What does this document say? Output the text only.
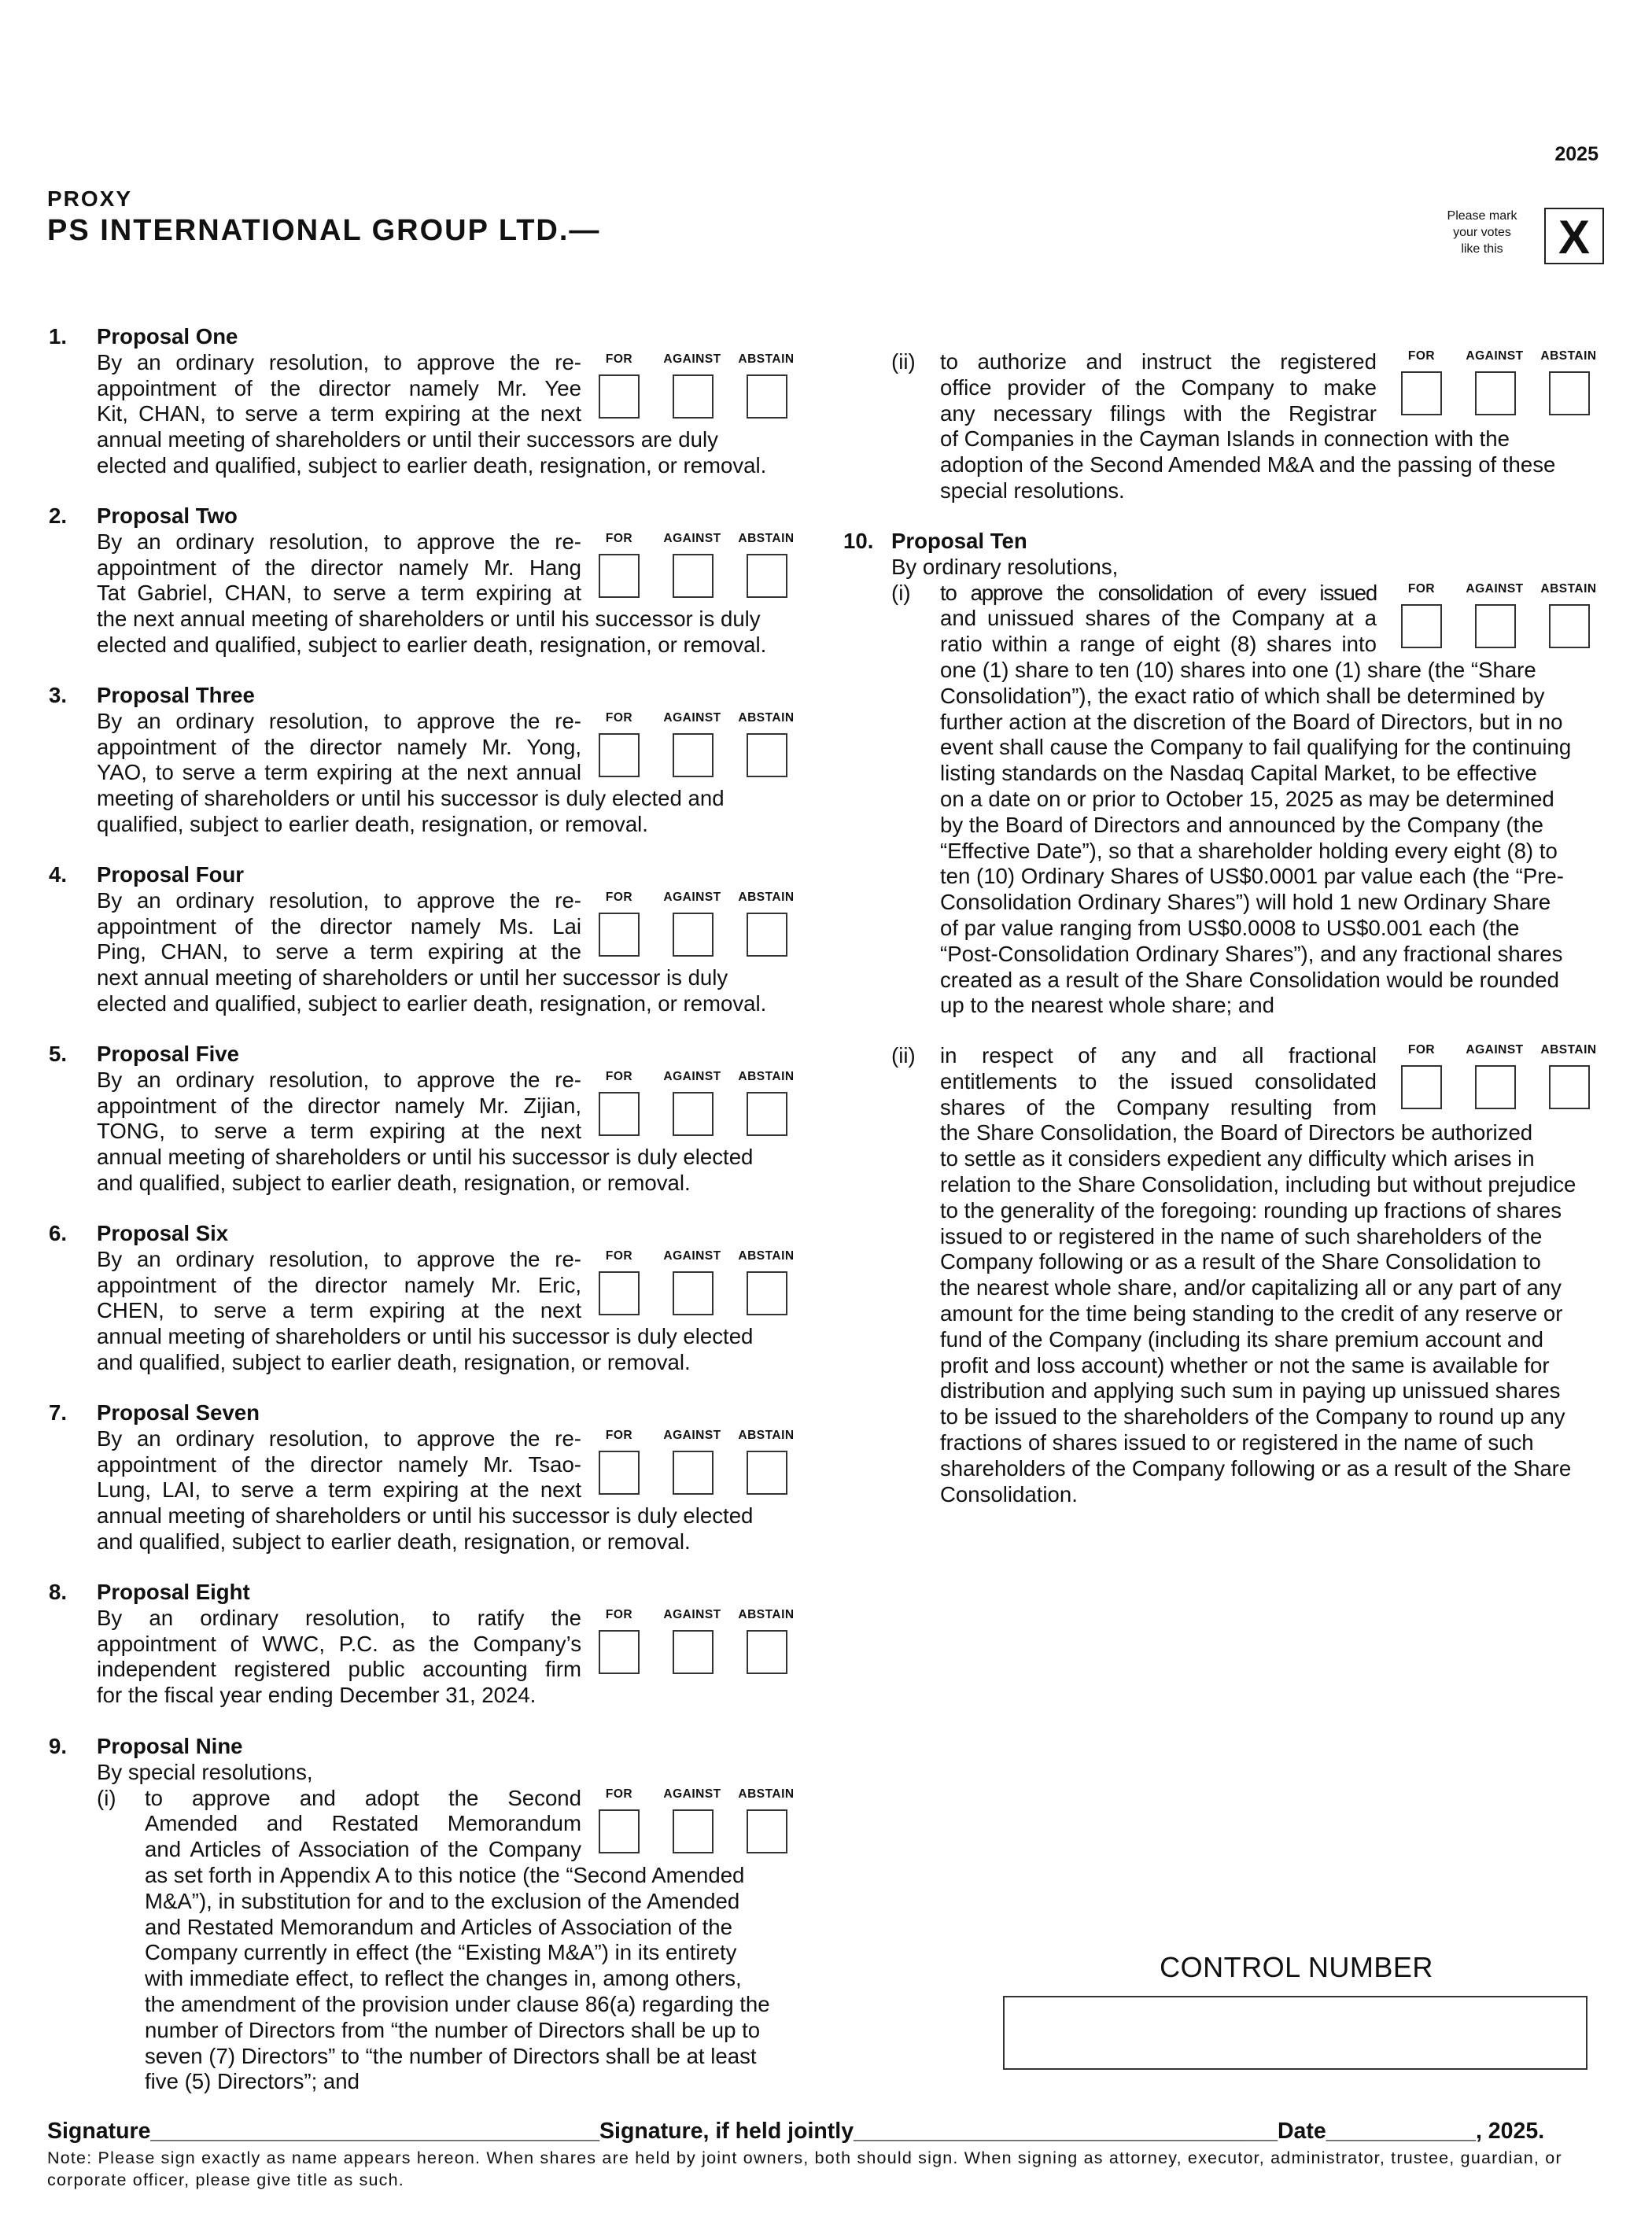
2025
PROXY
PS INTERNATIONAL GROUP LTD.—	Please mark
your votes
like this	X
1. Proposal One
By an ordinary resolution, to approve the re-
appointment of the director namely Mr. Yee
Kit, CHAN, to serve a term expiring at the next
annual meeting of shareholders or until their successors are duly
elected and qualified, subject to earlier death, resignation, or removal.
FOR	AGAINST	ABSTAIN
2. Proposal Two
By an ordinary resolution, to approve the re-
appointment of the director namely Mr. Hang
Tat Gabriel, CHAN, to serve a term expiring at
the next annual meeting of shareholders or until his successor is duly
elected and qualified, subject to earlier death, resignation, or removal.
FOR	AGAINST	ABSTAIN
3. Proposal Three
By an ordinary resolution, to approve the re-
appointment of the director namely Mr. Yong,
YAO, to serve a term expiring at the next annual
meeting of shareholders or until his successor is duly elected and
qualified, subject to earlier death, resignation, or removal.
FOR	AGAINST	ABSTAIN
4. Proposal Four
By an ordinary resolution, to approve the re-
appointment of the director namely Ms. Lai
Ping, CHAN, to serve a term expiring at the
next annual meeting of shareholders or until her successor is duly
elected and qualified, subject to earlier death, resignation, or removal.
FOR	AGAINST	ABSTAIN
5. Proposal Five
By an ordinary resolution, to approve the re-
appointment of the director namely Mr. Zijian,
TONG, to serve a term expiring at the next
annual meeting of shareholders or until his successor is duly elected
and qualified, subject to earlier death, resignation, or removal.
FOR	AGAINST	ABSTAIN
6. Proposal Six
By an ordinary resolution, to approve the re-
appointment of the director namely Mr. Eric,
CHEN, to serve a term expiring at the next
annual meeting of shareholders or until his successor is duly elected
and qualified, subject to earlier death, resignation, or removal.
FOR	AGAINST	ABSTAIN
7. Proposal Seven
By an ordinary resolution, to approve the re-
appointment of the director namely Mr. Tsao-
Lung, LAI, to serve a term expiring at the next
annual meeting of shareholders or until his successor is duly elected
and qualified, subject to earlier death, resignation, or removal.
FOR	AGAINST	ABSTAIN
8. Proposal Eight
By an ordinary resolution, to ratify the
appointment of WWC, P.C. as the Company’s
independent registered public accounting firm
for the fiscal year ending December 31, 2024.
FOR	AGAINST	ABSTAIN
9. Proposal Nine
By special resolutions,
(i) to approve and adopt the Second
Amended and Restated Memorandum
and Articles of Association of the Company
as set forth in Appendix A to this notice (the “Second Amended
M&A”), in substitution for and to the exclusion of the Amended
and Restated Memorandum and Articles of Association of the
Company currently in effect (the “Existing M&A”) in its entirety
with immediate effect, to reflect the changes in, among others,
the amendment of the provision under clause 86(a) regarding the
number of Directors from “the number of Directors shall be up to
seven (7) Directors” to “the number of Directors shall be at least
five (5) Directors”; and
FOR	AGAINST	ABSTAIN
(ii) to authorize and instruct the registered
office provider of the Company to make
any necessary filings with the Registrar
of Companies in the Cayman Islands in connection with the
adoption of the Second Amended M&A and the passing of these
special resolutions.
FOR	AGAINST	ABSTAIN
10. Proposal Ten
By ordinary resolutions,
(i) to approve the consolidation of every issued
and unissued shares of the Company at a
ratio within a range of eight (8) shares into
one (1) share to ten (10) shares into one (1) share (the “Share
Consolidation”), the exact ratio of which shall be determined by
further action at the discretion of the Board of Directors, but in no
event shall cause the Company to fail qualifying for the continuing
listing standards on the Nasdaq Capital Market, to be effective
on a date on or prior to October 15, 2025 as may be determined
by the Board of Directors and announced by the Company (the
“Effective Date”), so that a shareholder holding every eight (8) to
ten (10) Ordinary Shares of US$0.0001 par value each (the “Pre-
Consolidation Ordinary Shares”) will hold 1 new Ordinary Share
of par value ranging from US$0.0008 to US$0.001 each (the
“Post-Consolidation Ordinary Shares”), and any fractional shares
created as a result of the Share Consolidation would be rounded
up to the nearest whole share; and
FOR	AGAINST	ABSTAIN
(ii) in respect of any and all fractional
entitlements to the issued consolidated
shares of the Company resulting from
the Share Consolidation, the Board of Directors be authorized
to settle as it considers expedient any difficulty which arises in
relation to the Share Consolidation, including but without prejudice
to the generality of the foregoing: rounding up fractions of shares
issued to or registered in the name of such shareholders of the
Company following or as a result of the Share Consolidation to
the nearest whole share, and/or capitalizing all or any part of any
amount for the time being standing to the credit of any reserve or
fund of the Company (including its share premium account and
profit and loss account) whether or not the same is available for
distribution and applying such sum in paying up unissued shares
to be issued to the shareholders of the Company to round up any
fractions of shares issued to or registered in the name of such
shareholders of the Company following or as a result of the Share
Consolidation.
FOR	AGAINST	ABSTAIN
CONTROL NUMBER
Signature____________________________________Signature, if held jointly__________________________________Date____________, 2025.
Note: Please sign exactly as name appears hereon. When shares are held by joint owners, both should sign. When signing as attorney, executor, administrator, trustee, guardian, or corporate officer, please give title as such.
